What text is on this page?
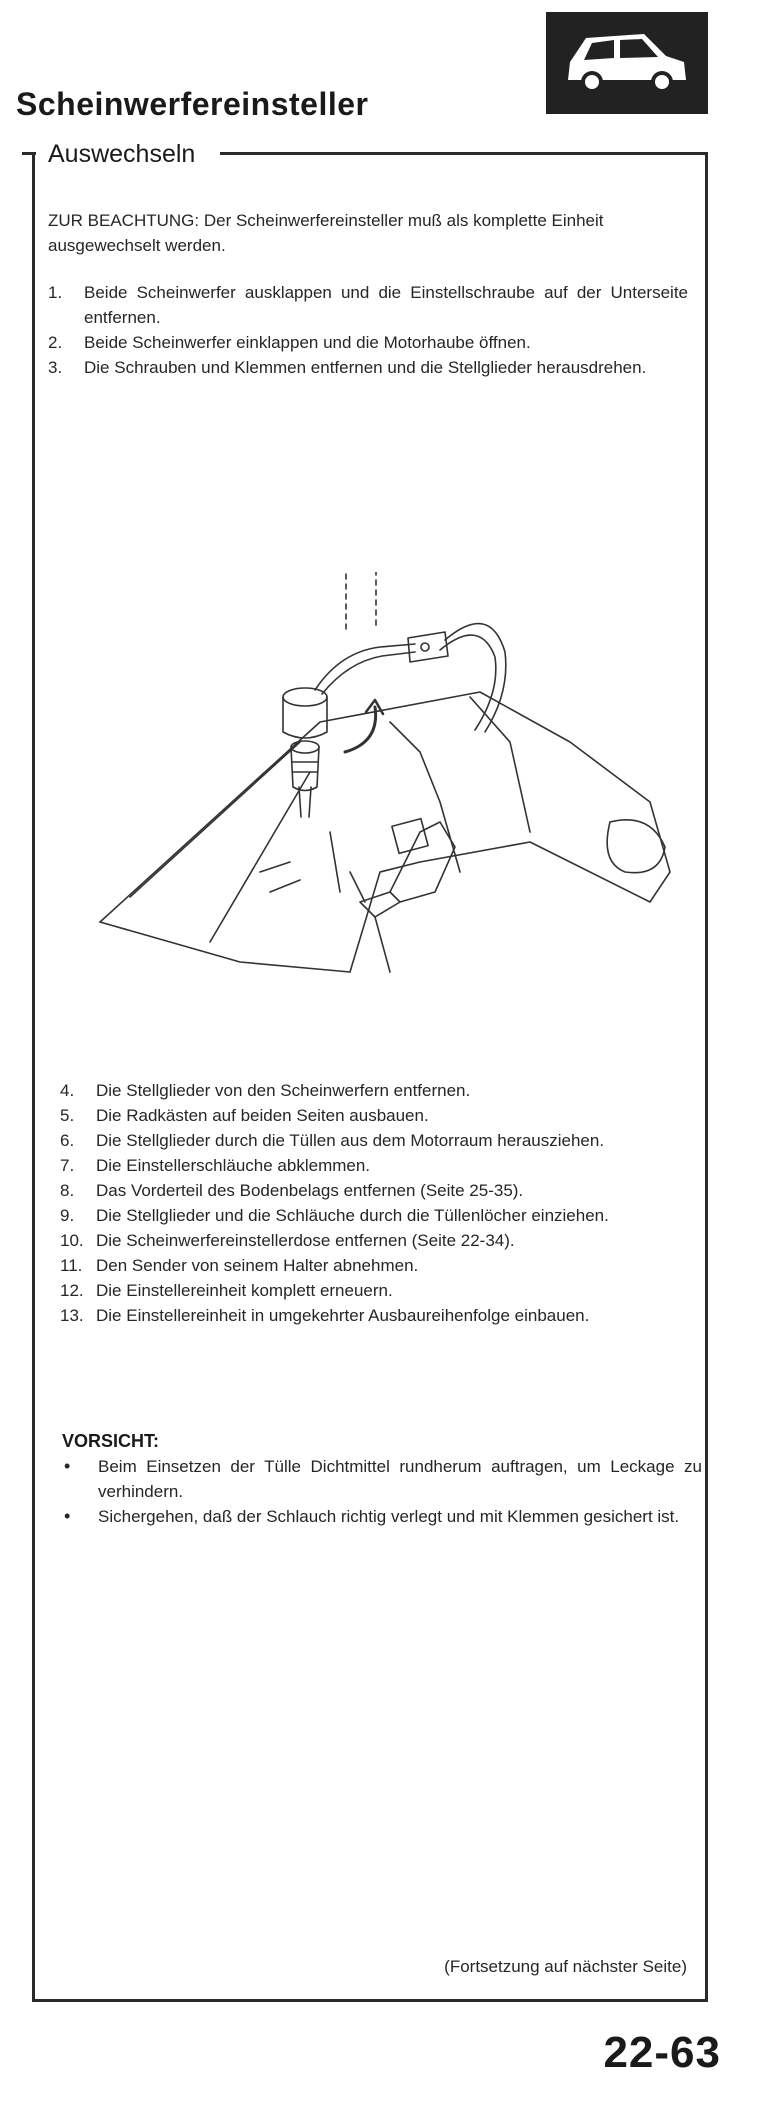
Scheinwerfereinsteller
Auswechseln
ZUR BEACHTUNG: Der Scheinwerfereinsteller muß als komplette Einheit ausgewechselt werden.
1.	Beide Scheinwerfer ausklappen und die Einstellschraube auf der Unterseite entfernen.
2.	Beide Scheinwerfer einklappen und die Motorhaube öffnen.
3.	Die Schrauben und Klemmen entfernen und die Stellglieder herausdrehen.
4.	Die Stellglieder von den Scheinwerfern entfernen.
5.	Die Radkästen auf beiden Seiten ausbauen.
6.	Die Stellglieder durch die Tüllen aus dem Motorraum herausziehen.
7.	Die Einstellerschläuche abklemmen.
8.	Das Vorderteil des Bodenbelags entfernen (Seite 25-35).
9.	Die Stellglieder und die Schläuche durch die Tüllenlöcher einziehen.
10. Die Scheinwerfereinstellerdose entfernen (Seite 22-34).
11. Den Sender von seinem Halter abnehmen.
12. Die Einstellereinheit komplett erneuern.
13. Die Einstellereinheit in umgekehrter Ausbaureihenfolge einbauen.
VORSICHT:
• Beim Einsetzen der Tülle Dichtmittel rundherum auftragen, um Leckage zu verhindern.
• Sichergehen, daß der Schlauch richtig verlegt und mit Klemmen gesichert ist.
(Fortsetzung auf nächster Seite)
22-63
